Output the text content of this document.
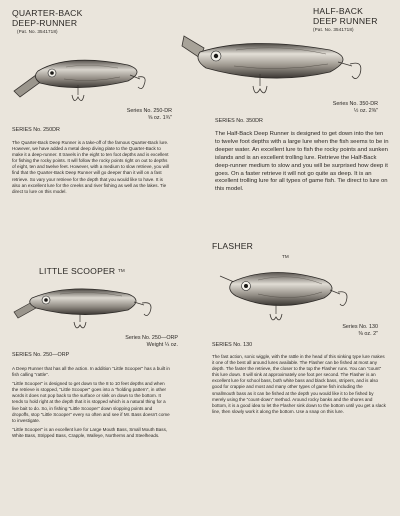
QUARTER-BACK
DEEP-RUNNER
(Pat. No. 3541718)
Series No. 250-DR
⅝ oz. 1¾"
SERIES No. 250DR
The Quarter-Back Deep Runner is a take-off of the famous Quarter-Back lure. However, we have added a metal deep diving plate to the Quarter-Back to make it a deep-runner. It travels in the eight to ten foot depths and is excellent for fishing the rocky points. It will follow the rocky points right on out to depths of eight, ten and twelve feet. However, with a medium to slow retrieve, you will find that the Quarter-Back Deep Runner will go deeper than it will on a fast retrieve. So vary your retrieve for the depth that you would like to have. It is also an excellent lure for the creeks and river fishing as well as the lakes. Tie direct to lure on this model.
HALF-BACK
DEEP RUNNER
(Pat. No. 3541718)
Series No. 350-DR
½ oz. 2⅜"
SERIES No. 350DR
The Half-Back Deep Runner is designed to get down into the ten to twelve foot depths with a large lure when the fish seems to be in deeper water. An excellent lure to fish the rocky points and sunken islands and is an excellent trolling lure. Retrieve the Half-Back deep-runner medium to slow and you will be surprised how deep it goes. On a faster retrieve it will not go quite as deep. It is an excellent trolling lure for all types of game fish. Tie direct to lure on this model.
LITTLE SCOOPER TM
Series No. 250—ORP
Weight ¼ oz.
SERIES No. 250—ORP
A Deep Runner that has all the action. In addition "Little Scooper" has a built in fish calling "rattle".
"Little Scooper" is designed to get down to the 8 to 10 feet depths and when the retrieve is stopped, "Little Scooper" goes into a "holding pattern", in other words it does not pop back to the surface or sink on down to the bottom. It tends to hold right at the depth that it is stopped which is a natural thing for a live bait to do. So, in fishing "Little Scooper" down slopping points and dropoffs, stop "Little Scooper" every so often and see if Mr. Bass doesn't come to investigate.
"Little Scooper" is an excellent lure for Large Mouth Bass, Small Mouth Bass, White Bass, Stripped Bass, Crapple, Walleye, Northerns and Steelheads.
FLASHER
TM
Series No. 130
⅜ oz. 2"
SERIES No. 130
The fast action, sonic wiggle, with the rattle in the head of this sinking type lure makes it one of the best all around lures available. The Flasher can be fished at most any depth. The faster the retrieve, the closer to the top the Flasher runs. You can "count" this lure down. It will sink at approximately one foot per second. The Flasher is an excellent lure for school bass, both white bass and black bass, stripers, and is also good for crappie and most and many other types of game fish including the smallmouth bass as it can be fished at the depth you would like it to be fished by merely using the "count-down" method. Around rocky banks and the shores and bottom, it is a good idea to let the Flasher sink down to the bottom until you get a slack line, then slowly work it along the bottom. Use a snap on this lure.
